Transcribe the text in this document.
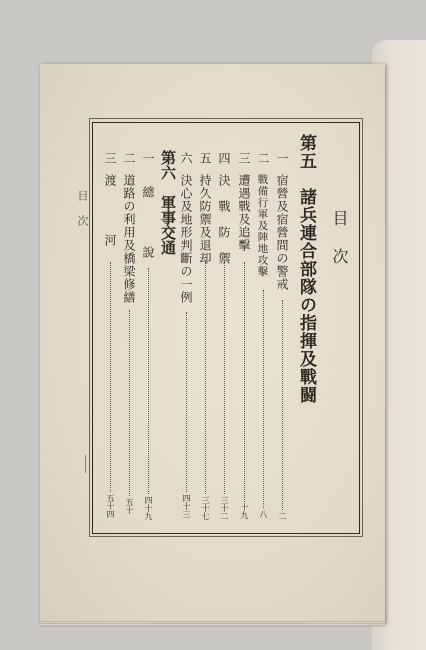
目次	目次
第五　諸兵連合部隊の指揮及戰闘
一
宿營及宿營間の警戒
二
二
戰備行軍及陣地攻擊
八
三
遭遇戰及追擊
十九
四
決　戰　防　禦
三十二
五
持久防禦及退却
三十七
六
決心及地形判斷の一例
四十三
第六　軍事交通
一
總　　　　說
四十九
二
道路の利用及橋梁修繕
五十
三
渡　　　　河
五十四
